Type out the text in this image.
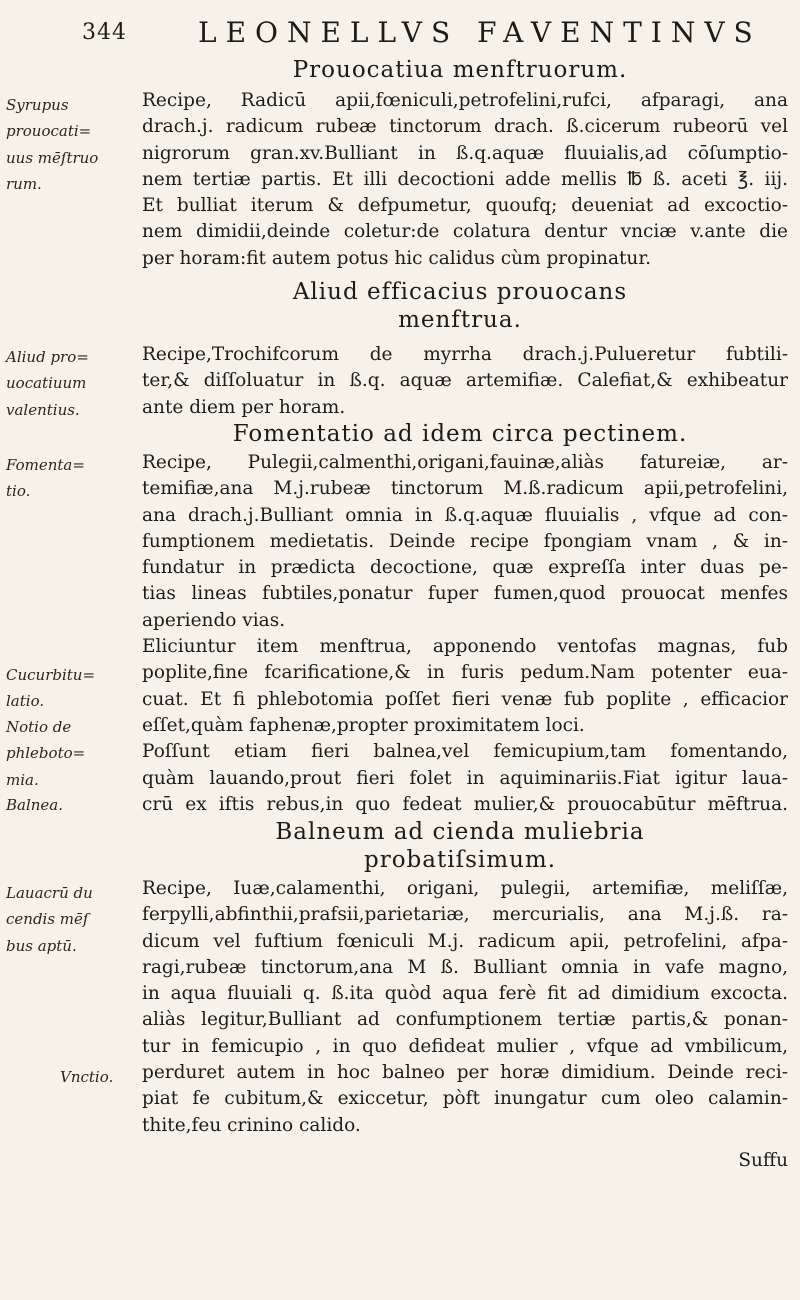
344	LEONELLVS FAVENTINVS
Prouocatiua menftruorum.
Syrupus
prouocati=
uus mēſtruo
rum.
Recipe, Radicū apii,fœniculi,petrofelini,rufci, afparagi, ana
drach.j. radicum rubeæ tinctorum drach. ß.cicerum rubeorū vel
nigrorum gran.xv.Bulliant in ß.q.aquæ fluuialis,ad cōſumptio-
nem tertiæ partis. Et illi decoctioni adde mellis ℔ ß. aceti ℥. iij.
Et bulliat iterum & defpumetur, quoufq; deueniat ad excoctio-
nem dimidii,deinde coletur:de colatura dentur vnciæ v.ante die
per horam:fit autem potus hic calidus cùm propinatur.
Aliud efficacius prouocans
menftrua.
Aliud pro=
uocatiuum
valentius.
Recipe,Trochifcorum de myrrha drach.j.Pulueretur fubtili-
ter,& diſſoluatur in ß.q. aquæ artemifiæ. Calefiat,& exhibeatur
ante diem per horam.
Fomentatio ad idem circa pectinem.
Fomenta=
tio.
Cucurbitu=
latio.
Notio de
phleboto=
mia.
Balnea.
Recipe, Pulegii,calmenthi,origani,fauinæ,aliàs fatureiæ, ar-
temifiæ,ana M.j.rubeæ tinctorum M.ß.radicum apii,petrofelini,
ana drach.j.Bulliant omnia in ß.q.aquæ fluuialis , vfque ad con-
fumptionem medietatis. Deinde recipe fpongiam vnam , & in-
fundatur in prædicta decoctione, quæ expreſſa inter duas pe-
tias lineas fubtiles,ponatur fuper fumen,quod prouocat menfes
aperiendo vias.
Eliciuntur item menftrua, apponendo ventofas magnas, fub
poplite,fine fcarificatione,& in furis pedum.Nam potenter eua-
cuat. Et fi phlebotomia poſſet fieri venæ fub poplite , efficacior
eſſet,quàm faphenæ,propter proximitatem loci.
Poſſunt etiam fieri balnea,vel femicupium,tam fomentando,
quàm lauando,prout fieri folet in aquiminariis.Fiat igitur laua-
crū ex iftis rebus,in quo fedeat mulier,& prouocabūtur mēftrua.
Balneum ad cienda muliebria
probatiſsimum.
Lauacrū du
cendis mēſ
bus aptū.
Vnctio.
Recipe, Iuæ,calamenthi, origani, pulegii, artemifiæ, meliſſæ,
ferpylli,abfinthii,prafsii,parietariæ, mercurialis, ana M.j.ß. ra-
dicum vel fuftium fœniculi M.j. radicum apii, petrofelini, afpa-
ragi,rubeæ tinctorum,ana M ß. Bulliant omnia in vafe magno,
in aqua fluuiali q. ß.ita quòd aqua ferè fit ad dimidium excocta.
aliàs legitur,Bulliant ad confumptionem tertiæ partis,& ponan-
tur in femicupio , in quo defideat mulier , vfque ad vmbilicum,
perduret autem in hoc balneo per horæ dimidium. Deinde reci-
piat fe cubitum,& exiccetur, pòft inungatur cum oleo calamin-
thite,feu crinino calido.
Suffu
